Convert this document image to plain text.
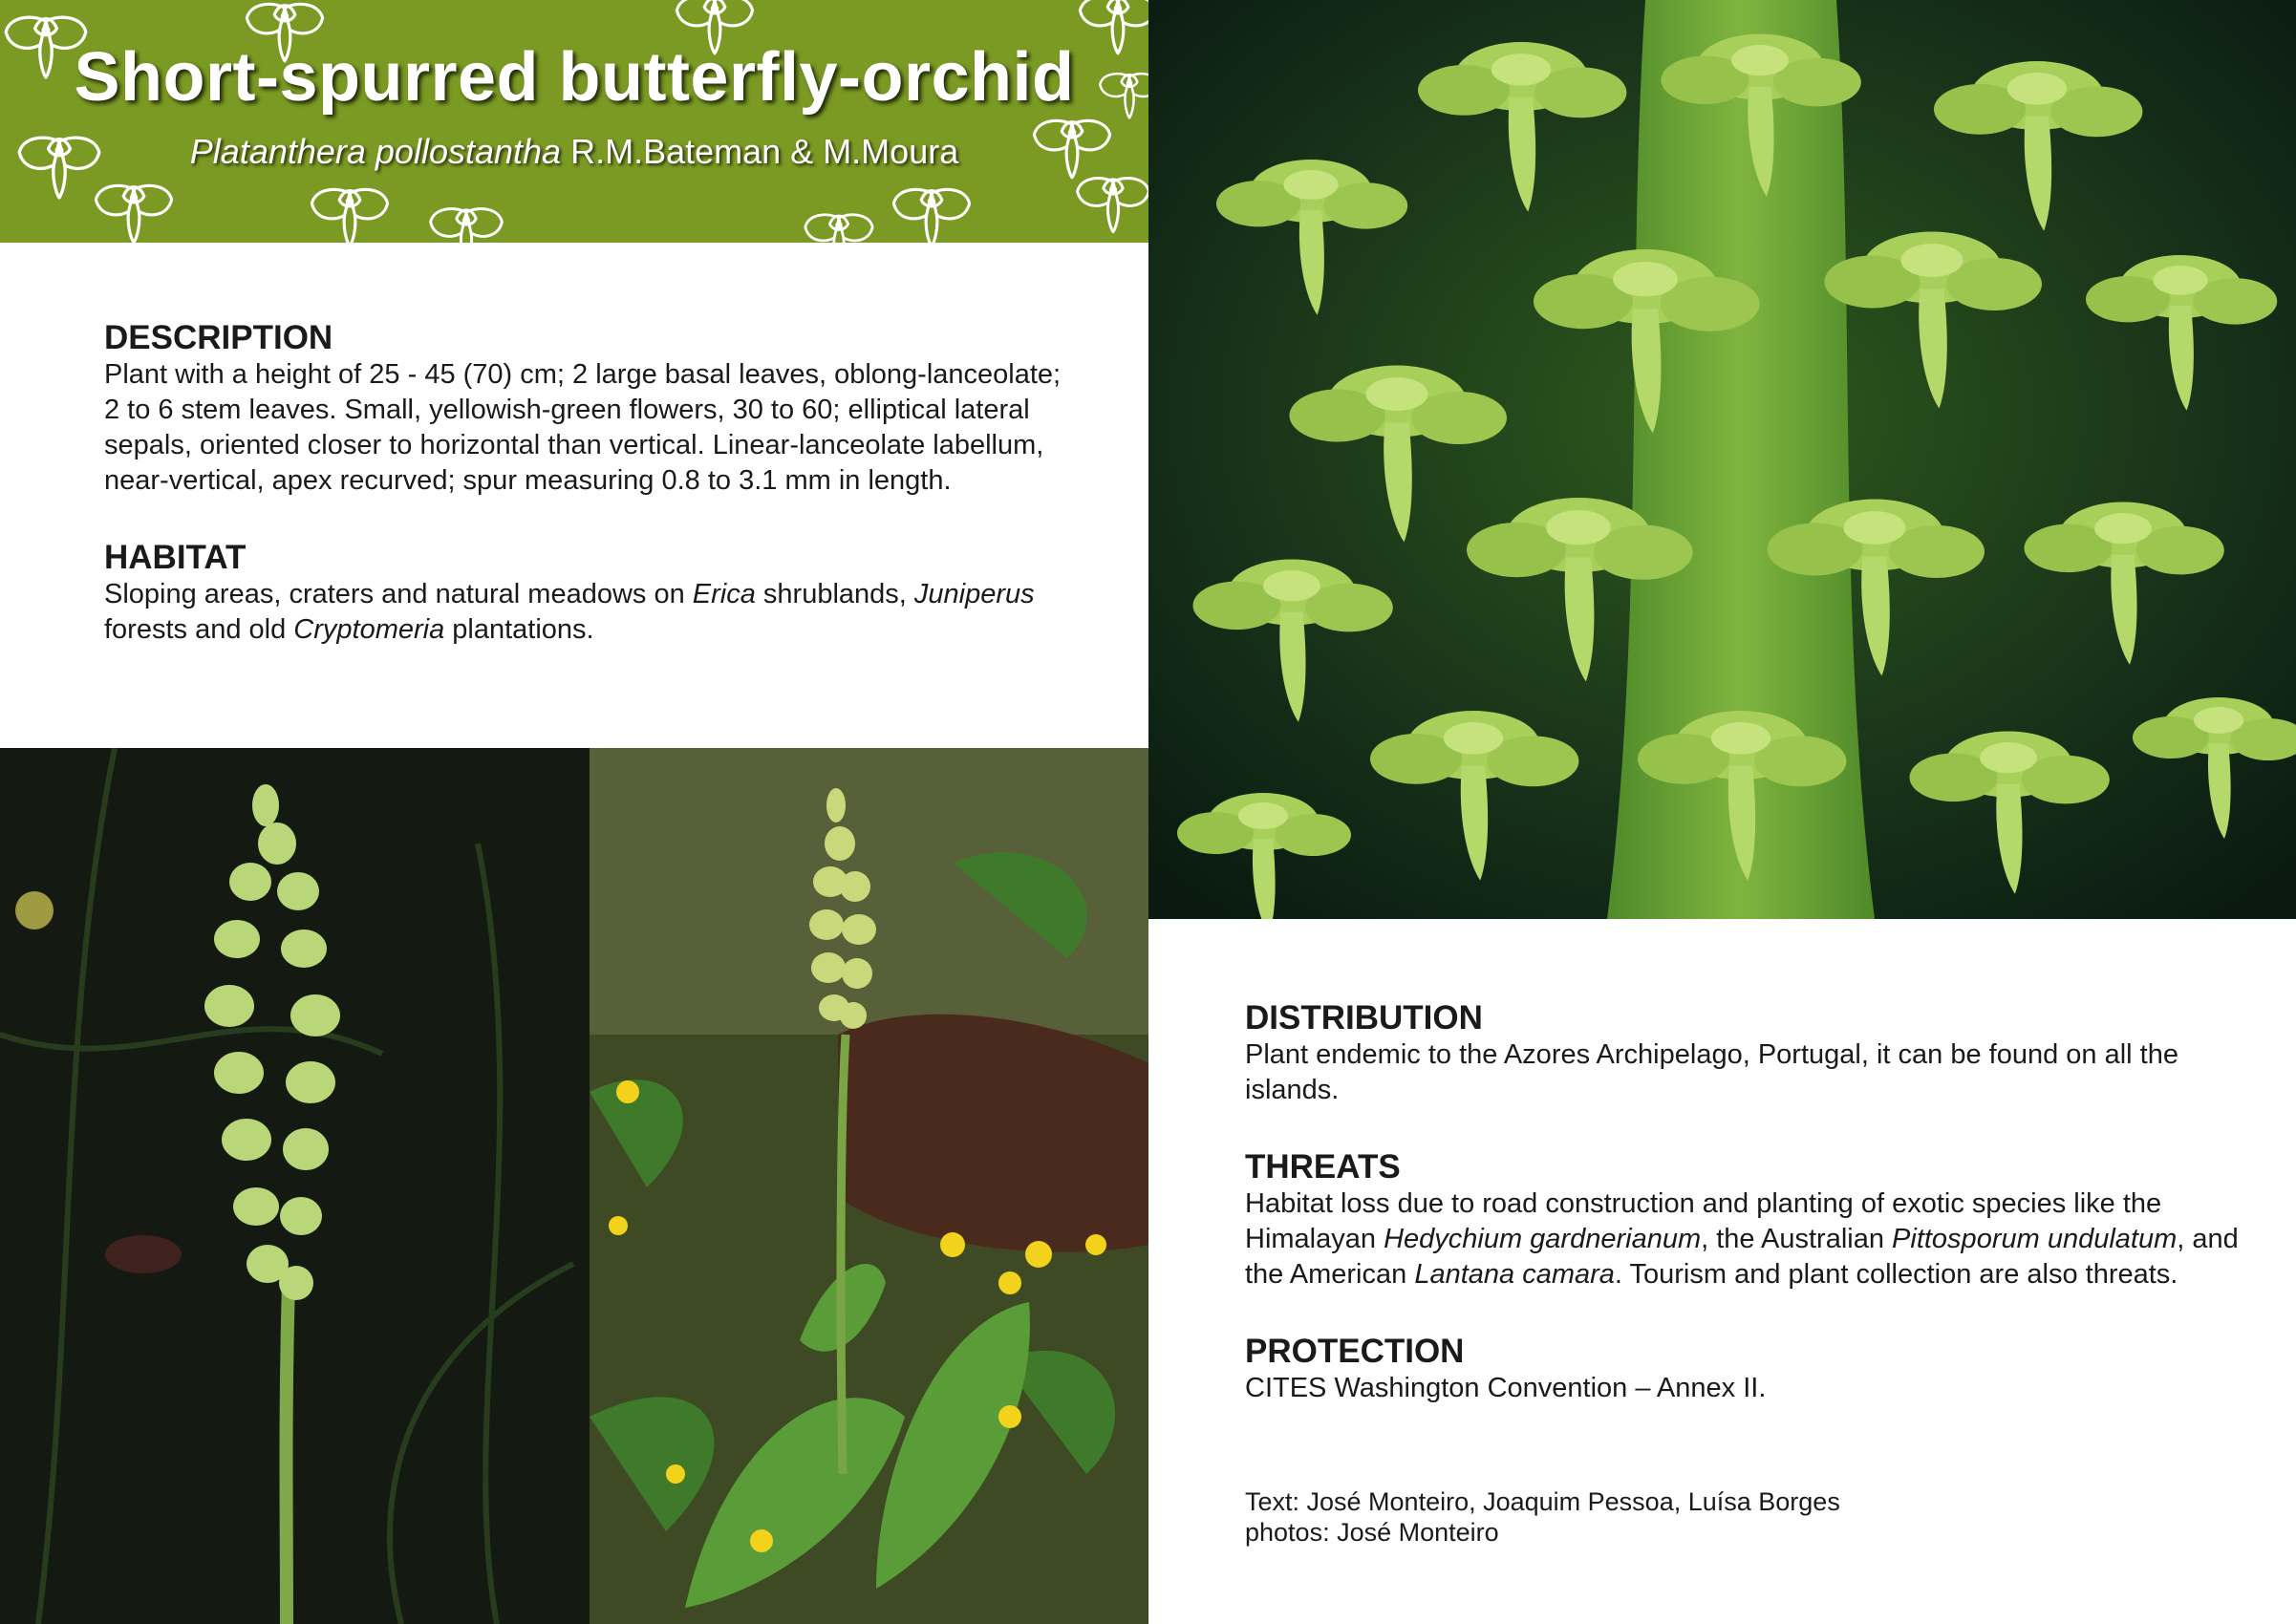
Short-spurred butterfly-orchid
Platanthera pollostantha R.M.Bateman & M.Moura
DESCRIPTION

Plant with a height of 25 - 45 (70) cm; 2 large basal leaves, oblong-lanceolate; 2 to 6 stem leaves. Small, yellowish-green flowers, 30 to 60; elliptical lateral sepals, oriented closer to horizontal than vertical. Linear-lanceolate labellum, near-vertical, apex recurved; spur measuring 0.8 to 3.1 mm in length.

HABITAT

Sloping areas, craters and natural meadows on Erica shrublands, Juniperus forests and old Cryptomeria plantations.

DISTRIBUTION

Plant endemic to the Azores Archipelago, Portugal, it can be found on all the islands.

THREATS

Habitat loss due to road construction and planting of exotic species like the Himalayan Hedychium gardnerianum, the Australian Pittosporum undulatum, and the American Lantana camara. Tourism and plant collection are also threats.

PROTECTION

CITES Washington Convention – Annex II.

Text: José Monteiro, Joaquim Pessoa, Luísa Borges
photos: José Monteiro
